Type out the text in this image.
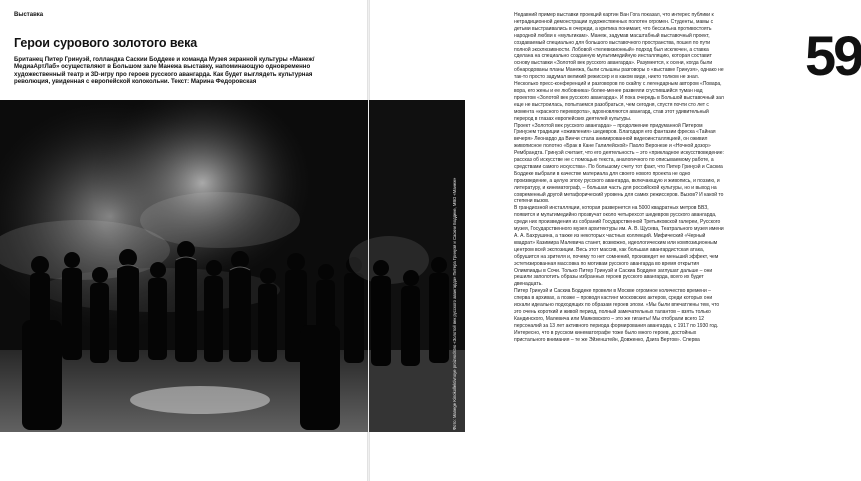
Выставка
Герои сурового золотого века

Британец Питер Гринуэй, голландка Саскии Боддеке и команда Музея экранной культуры «Манеж/МедиаАртЛаб» осуществляют в Большом зале Манежа выставку, напоминающую одновременно художественный театр и 3D-игру про героев русского авангарда. Как будет выглядеть культурная революция, увиденная с европейской колокольни. Текст: Марина Федоровская	59
Фото: Manege Kinokollektivnoye proizvodstvo «Золотой век русского авангарда» Питера Гринуэя и Саскии Боддеке, МВО «Манеж»

Недавний пример выставки проекций картин Ван Гога показал, что интерес публики к нетрадиционной демонстрации художественных полотен огромен. Студенты, мамы с детьми выстраивались в очереди, а критика понимает, что бессильна противостоять народной любви к «мультикам». Манеж, задумав масштабный выставочный проект, создаваемый специально для большого выставочного пространства, пошел по пути полной эксклюзивности. Лобовой «телевизионный» подход был исключен, а ставка сделана на специально созданную мультимедийную инсталляцию, которая составит основу выставки «Золотой век русского авангарда». Разумеется, к осени, когда были обнародованы планы Манежа, были слышны разговоры о «выставке Гринуэя», однако не так-то просто задумал великий режиссер и в каком виде, никто толком не знал. Несколько пресс-конференций и разговоров по скайпу с легендарным автором «Повара, вора, его жены и ее любовника» более-менее развеяли сгустившийся туман над проектом «Золотой век русского авангарда». И пока очередь в Большой выставочный зал еще не выстроилась, попытаемся разобраться, чем сегодня, спустя почти сто лет с момента «красного переворота», вдохновляются авангард, став этот удивительный перерод в глазах европейских деятелей культуры.

Проект «Золотой век русского авангарда» – продолжение придуманной Питером Гринуэем традиции «оживления» шедевров. Благодаря его фантазии фреска «Тайная вечеря» Леонардо да Винчи стала анимированной видеоинсталляцией, он оживил живописное полотно «Брак в Кане Галилейской» Паоло Веронезе и «Ночной дозор» Рембрандта. Гринуэй считает, что его деятельность – это «прикладное искусствоведение: рассказ об искусстве не с помощью текста, аналогичного по описываемому работе, а средствами самого искусства». По большому счету тот факт, что Питер Гринуэй и Саскиа Боддеке выбрали в качестве материала для своего нового проекта не одно произведение, а целую эпоху русского авангарда, включающую и живопись, и поэзию, и литературу, и кинематограф, – большая часть для российской культуры, но и выход на современный другой метафорический уровень для самих режиссеров. Вызов? И какой то степени вызов.

В грандиозной инсталляции, которая развернется на 5000 квадратных метров БВЗ, появится и мультимедийно прозвучат около четырехсот шедевров русского авангарда, среди них произведения из собраний Государственной Третьяковской галереи, Русского музея, Государственного музея архитектуры им. А. В. Щусева, Театрального музея имени А. А. Бахрушина, а также из некоторых частных коллекций. Мифический «Черный квадрат» Казимира Малевича станет, возможно, идеологическим или композиционным центром всей экспозиции. Весь этот массив, как большая авангардистская атака, обрушится на зрителя и, почему то нет сомнений, произведет не меньший эффект, чем эстетизированная массовка по мотивам русского авангарда во время открытия Олимпиады в Сочи. Только Питер Гринуэй и Саскиа Боддеке заглушат дальше – они решили заполотить образы избранных героев русского авангарда, всего их будет двенадцать.

Питер Гринуэй и Саскиа Боддеке провели в Москве огромное количество времени – сперва в архивах, а позже – проводя кастинг московских актеров, среди которых они искали идеально подходящих по образам героев эпохи. «Мы были впечатлены тем, что это очень короткий и живой период, полный замечательных талантов – взять только Кандинского, Малевича или Маяковского – это же гиганты! Мы отобрали всего 12 персоналий за 13 лет активного периода формирования авангарда, с 1917 по 1930 год. Интересно, что в русском кинематографе тоже было много героев, достойных пристального внимания – те же Эйзенштейн, Довженко, Дзига Вертов». Сперва
